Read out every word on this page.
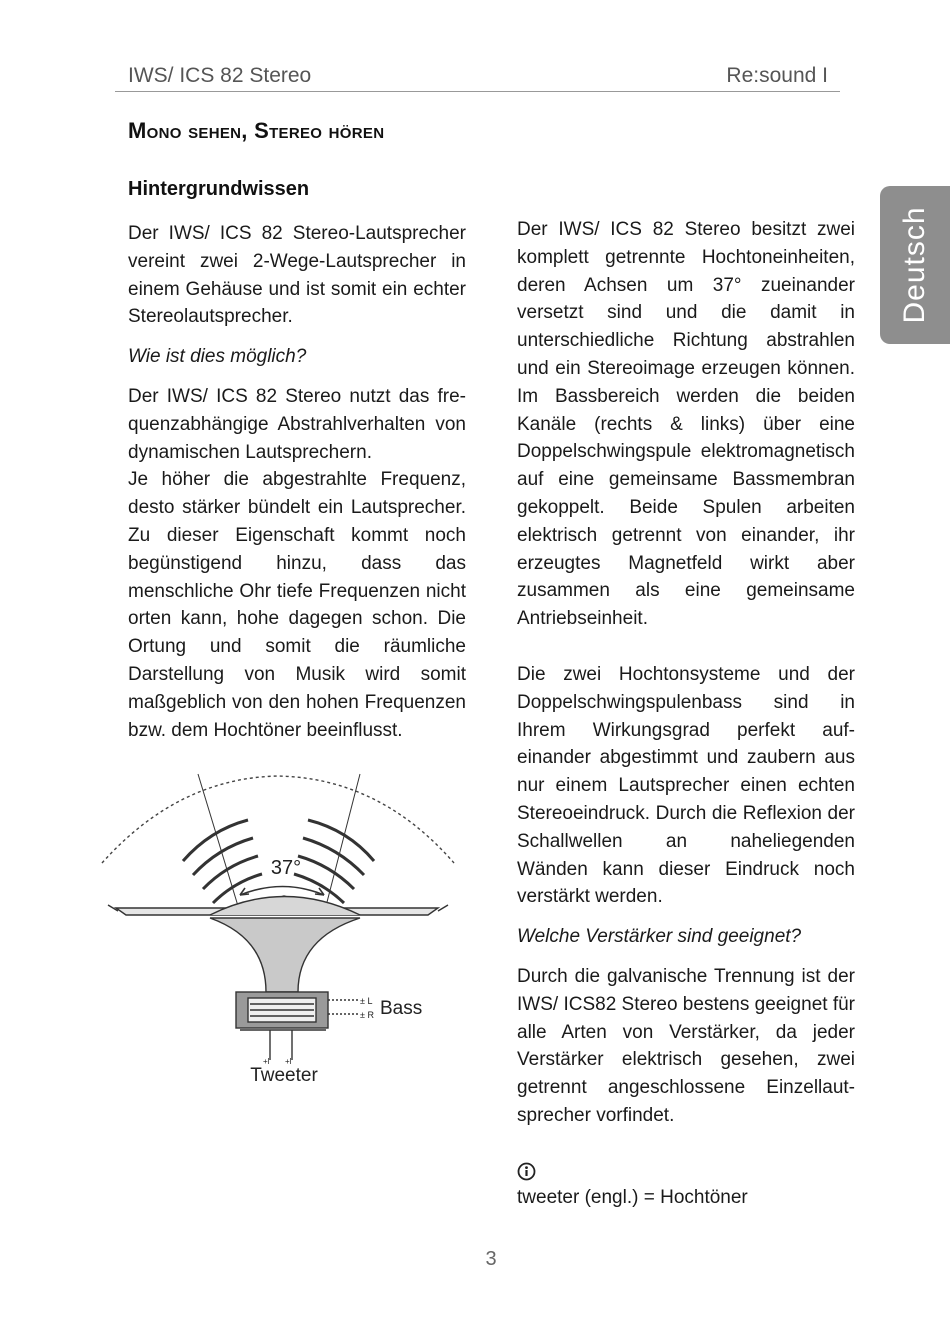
IWS/ ICS 82 Stereo	Re:sound I
Deutsch
Mono sehen, Stereo hören
Hintergrundwissen

Der IWS/ ICS 82 Stereo-Lautsprecher vereint zwei 2-Wege-Lautsprecher in einem Gehäuse und ist somit ein echter Stereolautsprecher.

Wie ist dies möglich?

Der IWS/ ICS 82 Stereo nutzt das frequenzabhängige Abstrahlverhalten von dynamischen Lautsprechern.

Je höher die abgestrahlte Frequenz, desto stärker bündelt ein Lautsprecher. Zu dieser Eigenschaft kommt noch begünstigend hinzu, dass das menschliche Ohr tiefe Frequenzen nicht orten kann, hohe dagegen schon. Die Ortung und somit die räumliche Darstellung von Musik wird somit maßgeblich von den hohen Frequenzen bzw. dem Hochtöner beeinflusst.

37°
± L
± R Bass
+l +l
Tweeter

Der IWS/ ICS 82 Stereo besitzt zwei komplett getrennte Hochtoneinheiten, deren Achsen um 37° zueinander versetzt sind und die damit in unterschiedliche Richtung abstrahlen und ein Stereoimage erzeugen können. Im Bassbereich werden die beiden Kanäle (rechts & links) über eine Doppelschwingspule elektromagnetisch auf eine gemeinsame Bassmembran gekoppelt. Beide Spulen arbeiten elektrisch getrennt von einander, ihr erzeugtes Magnetfeld wirkt aber zusammen als eine gemeinsame Antriebseinheit.

Die zwei Hochtonsysteme und der Doppelschwingspulenbass sind in Ihrem Wirkungsgrad perfekt aufeinander abgestimmt und zaubern aus nur einem Lautsprecher einen echten Stereoeindruck. Durch die Reflexion der Schallwellen an naheliegenden Wänden kann dieser Eindruck noch verstärkt werden.

Welche Verstärker sind geeignet?

Durch die galvanische Trennung ist der IWS/ ICS82 Stereo bestens geeignet für alle Arten von Verstärker, da jeder Verstärker elektrisch gesehen, zwei getrennt angeschlossene Einzellautsprecher vorfindet.

tweeter (engl.) = Hochtöner
3
